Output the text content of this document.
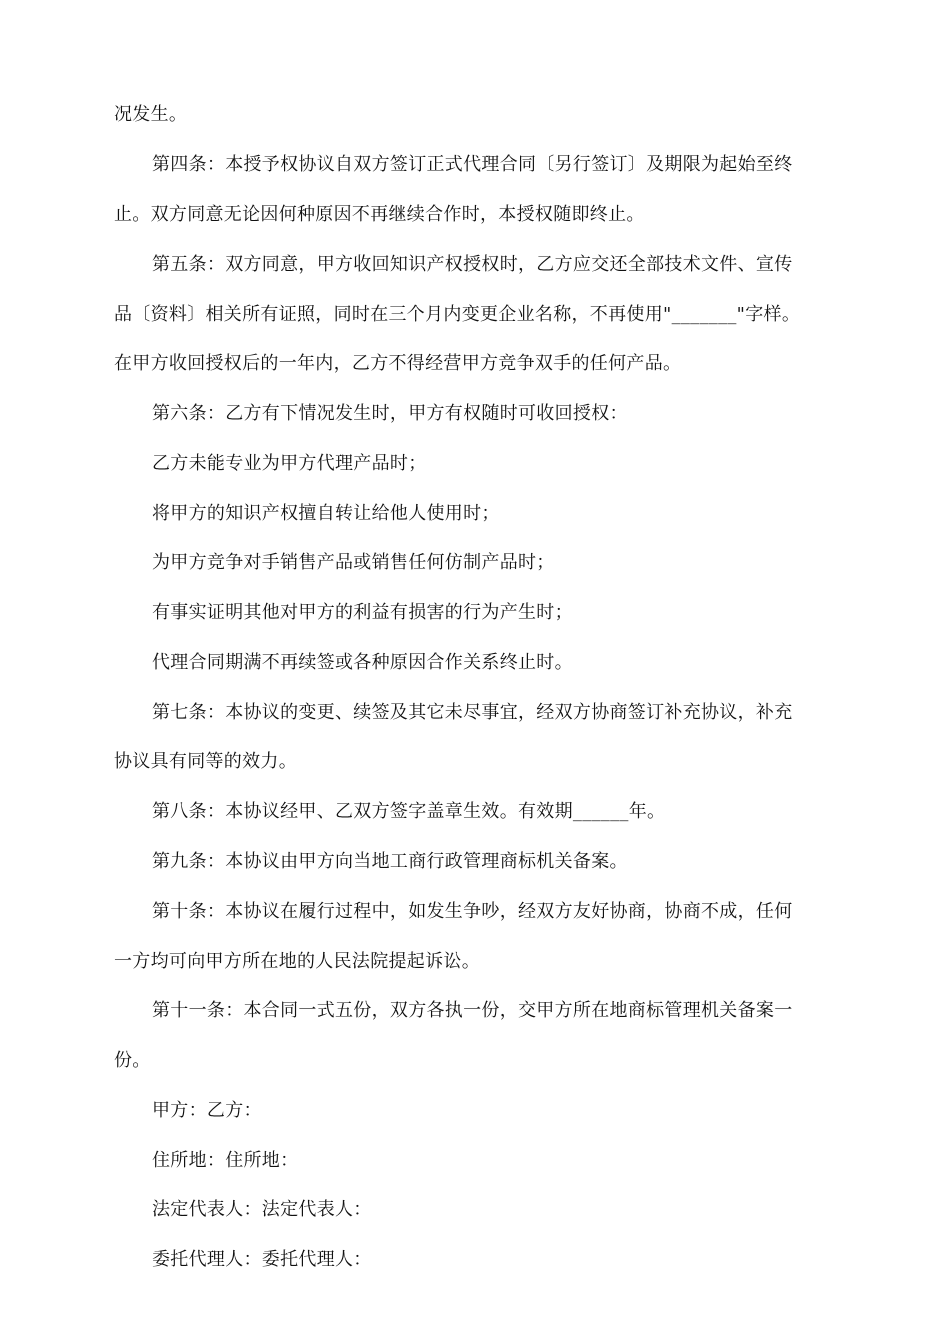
况发生。
第四条：本授予权协议自双方签订正式代理合同〔另行签订〕及期限为起始至终
止。双方同意无论因何种原因不再继续合作时，本授权随即终止。
第五条：双方同意，甲方收回知识产权授权时，乙方应交还全部技术文件、宣传
品〔资料〕相关所有证照，同时在三个月内变更企业名称，不再使用"_______"字样。
在甲方收回授权后的一年内，乙方不得经营甲方竞争双手的任何产品。
第六条：乙方有下情况发生时，甲方有权随时可收回授权：
乙方未能专业为甲方代理产品时；
将甲方的知识产权擅自转让给他人使用时；
为甲方竞争对手销售产品或销售任何仿制产品时；
有事实证明其他对甲方的利益有损害的行为产生时；
代理合同期满不再续签或各种原因合作关系终止时。
第七条：本协议的变更、续签及其它未尽事宜，经双方协商签订补充协议，补充
协议具有同等的效力。
第八条：本协议经甲、乙双方签字盖章生效。有效期______年。
第九条：本协议由甲方向当地工商行政管理商标机关备案。
第十条：本协议在履行过程中，如发生争吵，经双方友好协商，协商不成，任何
一方均可向甲方所在地的人民法院提起诉讼。
第十一条：本合同一式五份，双方各执一份，交甲方所在地商标管理机关备案一
份。
甲方：乙方：
住所地：住所地：
法定代表人：法定代表人：
委托代理人：委托代理人：
